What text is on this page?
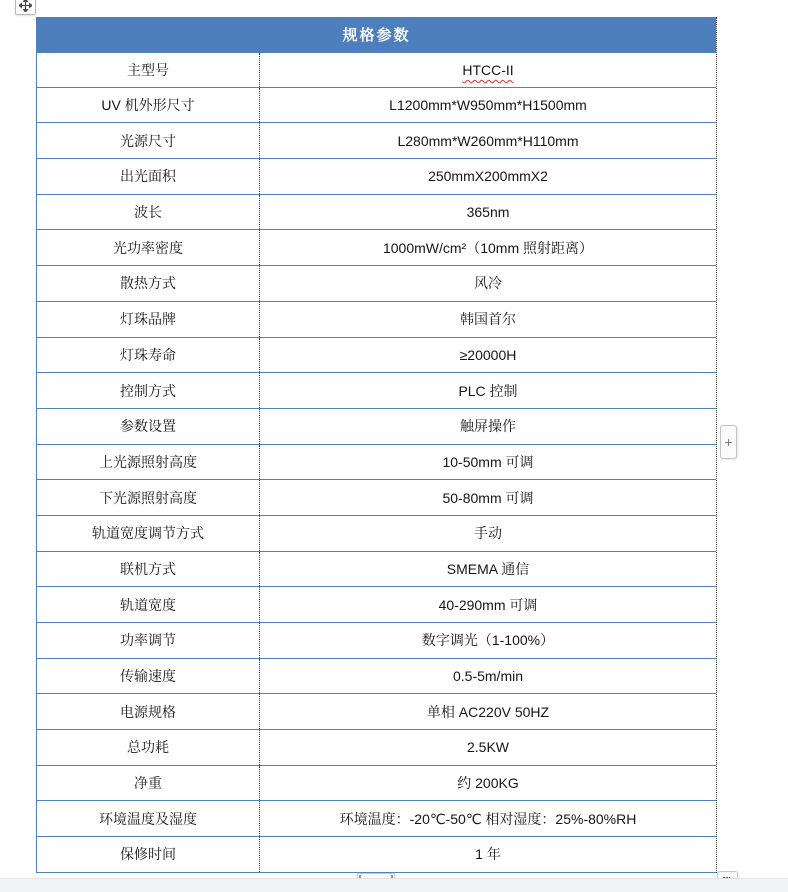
规格参数
主型号	HTCC-II
UV 机外形尺寸	L1200mm*W950mm*H1500mm
光源尺寸	L280mm*W260mm*H110mm
出光面积	250mmX200mmX2
波长	365nm
光功率密度	1000mW/cm²（10mm 照射距离）
散热方式	风冷
灯珠品牌	韩国首尔
灯珠寿命	≥20000H
控制方式	PLC 控制
参数设置	触屏操作
上光源照射高度	10-50mm 可调
下光源照射高度	50-80mm 可调
轨道宽度调节方式	手动
联机方式	SMEMA 通信
轨道宽度	40-290mm 可调
功率调节	数字调光（1-100%）
传输速度	0.5-5m/min
电源规格	单相 AC220V 50HZ
总功耗	2.5KW
净重	约 200KG
环境温度及湿度	环境温度：-20℃-50℃ 相对湿度：25%-80%RH
保修时间	1 年
+
